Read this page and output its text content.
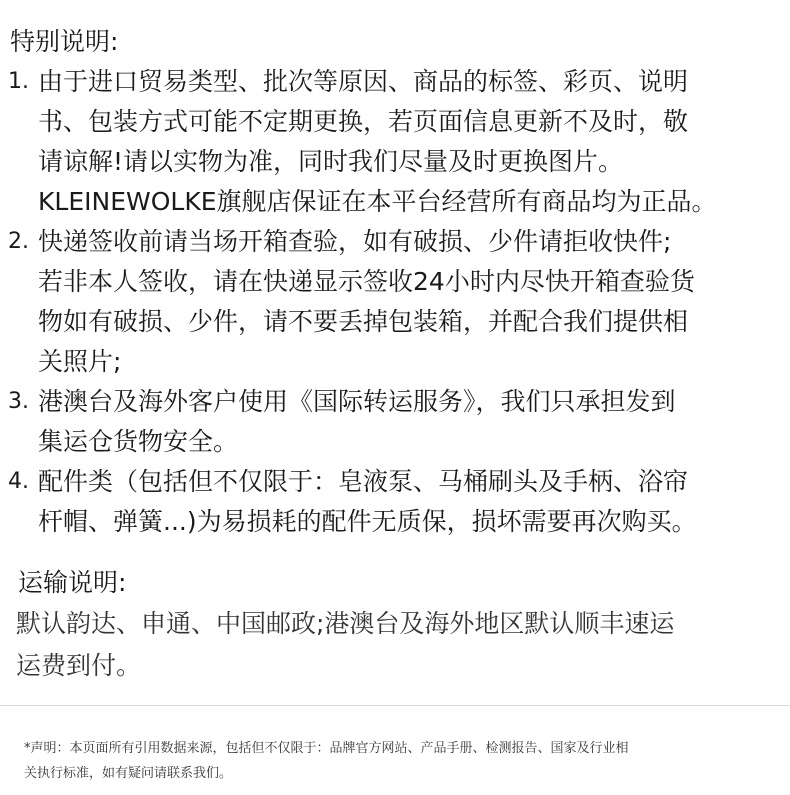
特别说明:
1. 由于进口贸易类型、批次等原因、商品的标签、彩页、说明
书、包装方式可能不定期更换，若页面信息更新不及时，敬
请谅解!请以实物为准，同时我们尽量及时更换图片。
KLEINEWOLKE旗舰店保证在本平台经营所有商品均为正品。

2. 快递签收前请当场开箱查验，如有破损、少件请拒收快件;
若非本人签收，请在快递显示签收24小时内尽快开箱查验货
物如有破损、少件，请不要丢掉包装箱，并配合我们提供相
关照片;

3. 港澳台及海外客户使用《国际转运服务》，我们只承担发到
集运仓货物安全。

4. 配件类（包括但不仅限于：皂液泵、马桶刷头及手柄、浴帘
杆帽、弹簧...)为易损耗的配件无质保，损坏需要再次购买。

运输说明:
默认韵达、申通、中国邮政;港澳台及海外地区默认顺丰速运
运费到付。
*声明：本页面所有引用数据来源，包括但不仅限于：品牌官方网站、产品手册、检测报告、国家及行业相
关执行标准，如有疑问请联系我们。
